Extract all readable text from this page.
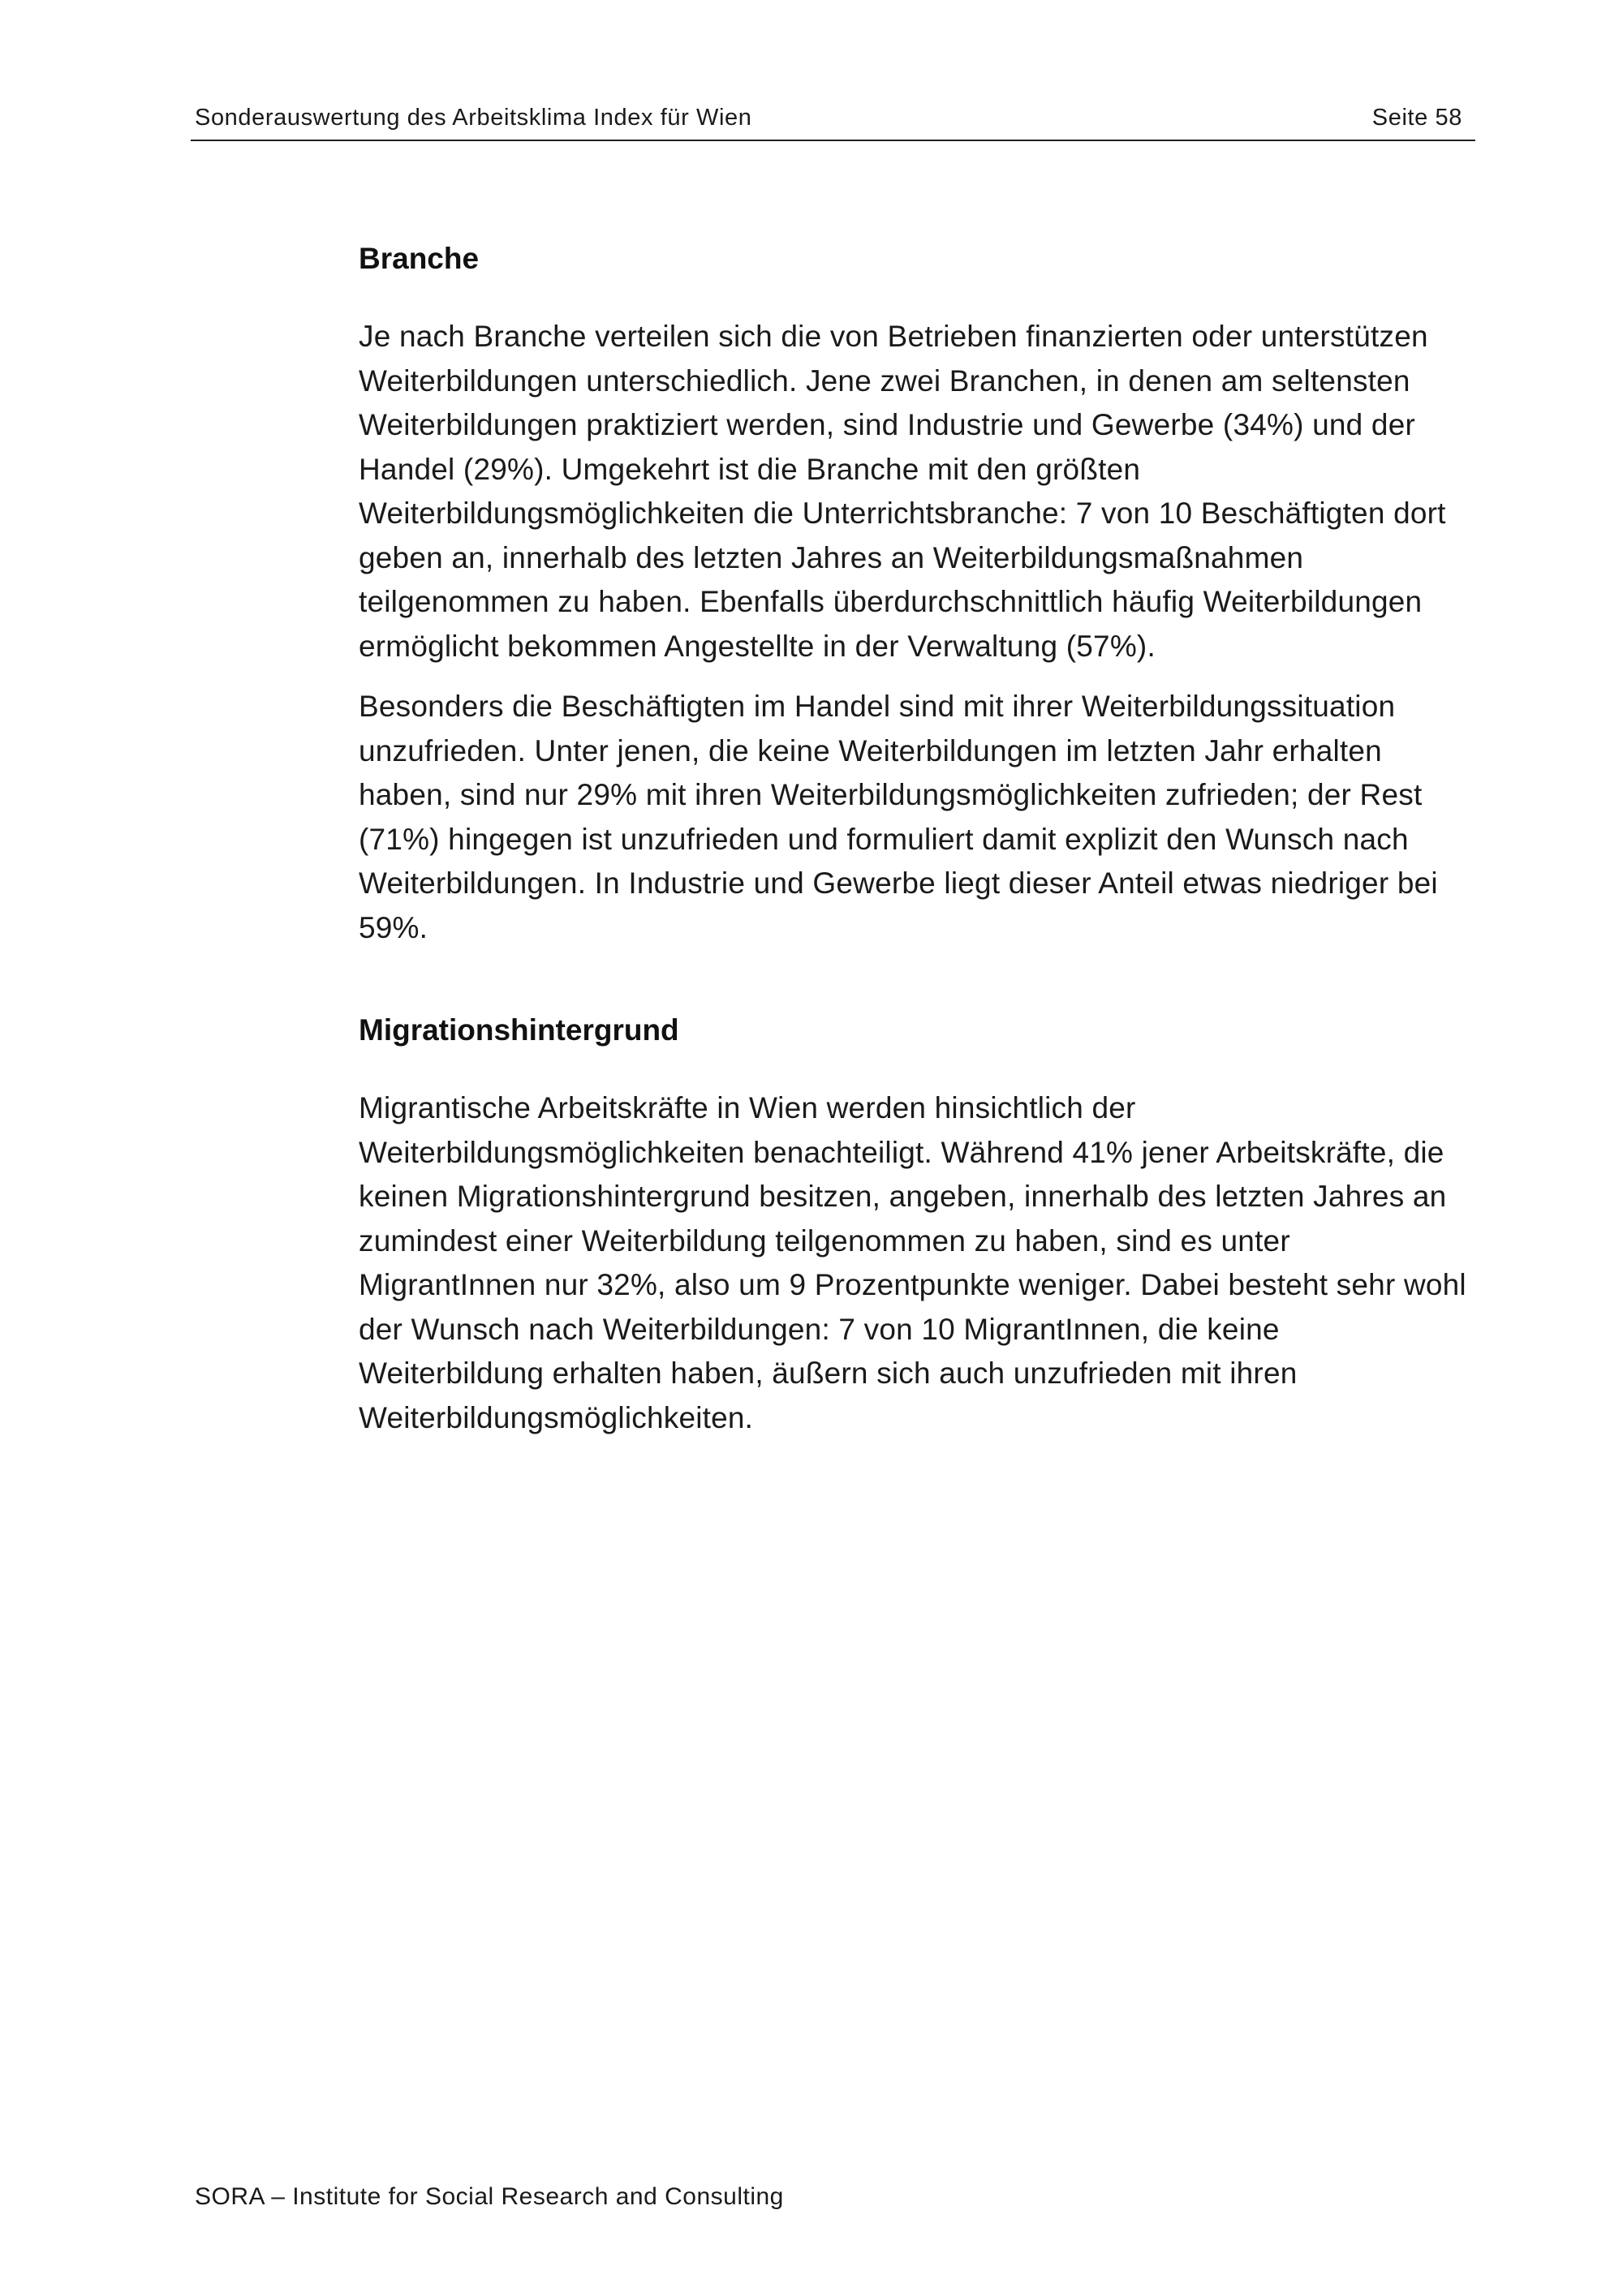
Sonderauswertung des Arbeitsklima Index für Wien	Seite 58
Branche

Je nach Branche verteilen sich die von Betrieben finanzierten oder unterstützen Weiterbildungen unterschiedlich. Jene zwei Branchen, in denen am seltensten Weiterbildungen praktiziert werden, sind Industrie und Gewerbe (34%) und der Handel (29%). Umgekehrt ist die Branche mit den größten Weiterbildungsmöglichkeiten die Unterrichtsbranche: 7 von 10 Beschäftigten dort geben an, innerhalb des letzten Jahres an Weiterbildungsmaßnahmen teilgenommen zu haben. Ebenfalls überdurchschnittlich häufig Weiterbildungen ermöglicht bekommen Angestellte in der Verwaltung (57%).

Besonders die Beschäftigten im Handel sind mit ihrer Weiterbildungssituation unzufrieden. Unter jenen, die keine Weiterbildungen im letzten Jahr erhalten haben, sind nur 29% mit ihren Weiterbildungsmöglichkeiten zufrieden; der Rest (71%) hingegen ist unzufrieden und formuliert damit explizit den Wunsch nach Weiterbildungen. In Industrie und Gewerbe liegt dieser Anteil etwas niedriger bei 59%.

Migrationshintergrund

Migrantische Arbeitskräfte in Wien werden hinsichtlich der Weiterbildungsmöglichkeiten benachteiligt. Während 41% jener Arbeitskräfte, die keinen Migrationshintergrund besitzen, angeben, innerhalb des letzten Jahres an zumindest einer Weiterbildung teilgenommen zu haben, sind es unter MigrantInnen nur 32%, also um 9 Prozentpunkte weniger. Dabei besteht sehr wohl der Wunsch nach Weiterbildungen: 7 von 10 MigrantInnen, die keine Weiterbildung erhalten haben, äußern sich auch unzufrieden mit ihren Weiterbildungsmöglichkeiten.

SORA – Institute for Social Research and Consulting
